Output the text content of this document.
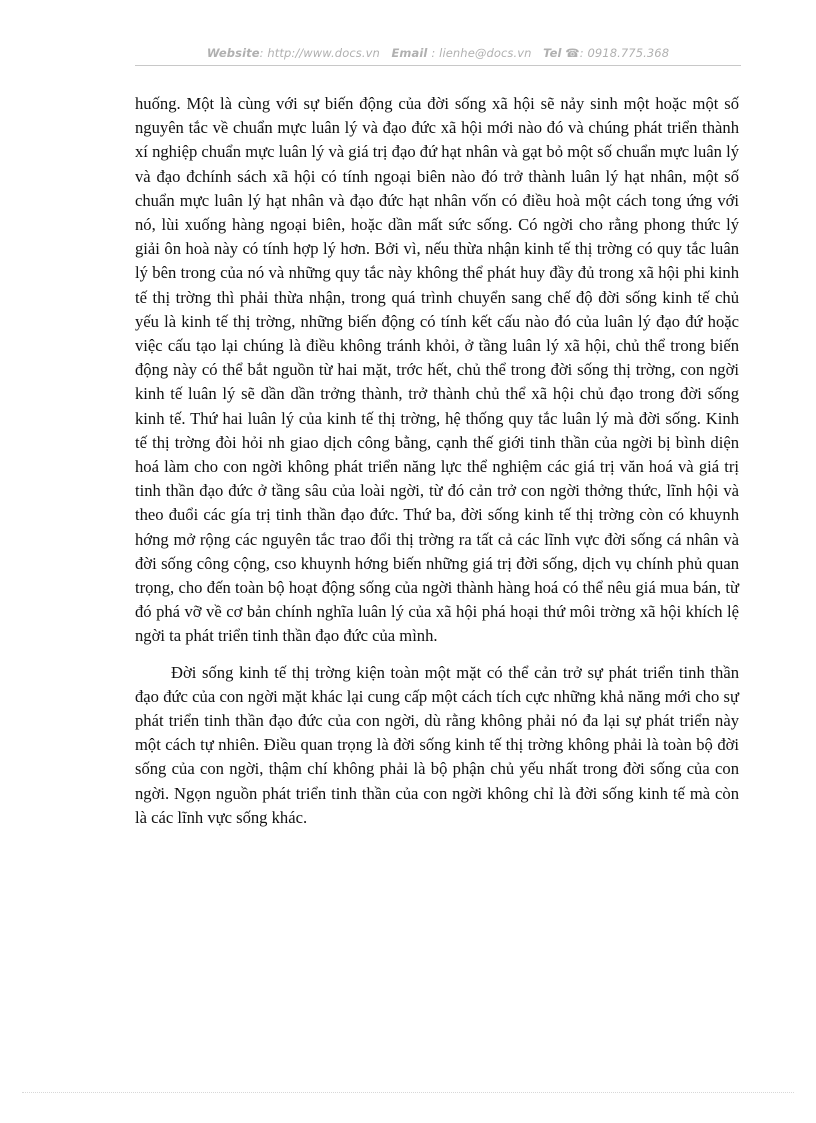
Website: http://www.docs.vn Email : lienhe@docs.vn Tel ☎: 0918.775.368

huống. Một là cùng với sự biến động của đời sống xã hội sẽ nảy sinh một hoặc một số nguyên tắc về chuẩn mực luân lý và đạo đức xã hội mới nào đó và chúng phát triển thành xí nghiệp chuẩn mực luân lý và giá trị đạo đứ hạt nhân và gạt bỏ một số chuẩn mực luân lý và đạo đchính sách xã hội có tính ngoại biên nào đó trở thành luân lý hạt nhân, một số chuẩn mực luân lý hạt nhân và đạo đức hạt nhân vốn có điều hoà một cách tong ứng với nó, lùi xuống hàng ngoại biên, hoặc dần mất sức sống. Có ngời cho rằng phong thức lý giải ôn hoà này có tính hợp lý hơn. Bởi vì, nếu thừa nhận kinh tế thị trờng có quy tắc luân lý bên trong của nó và những quy tắc này không thể phát huy đầy đủ trong xã hội phi kinh tế thị trờng thì phải thừa nhận, trong quá trình chuyển sang chế độ đời sống kinh tế chủ yếu là kinh tế thị trờng, những biến động có tính kết cấu nào đó của luân lý đạo đứ hoặc việc cấu tạo lại chúng là điều không tránh khỏi, ở tầng luân lý xã hội, chủ thể trong biến động này có thể bắt nguồn từ hai mặt, trớc hết, chủ thể trong đời sống thị trờng, con ngời kinh tế luân lý sẽ dần dần trởng thành, trở thành chủ thể xã hội chủ đạo trong đời sống kinh tế. Thứ hai luân lý của kinh tế thị trờng, hệ thống quy tắc luân lý mà đời sống. Kinh tế thị trờng đòi hỏi nh giao dịch công bằng, cạnh thế giới tinh thần của ngời bị bình diện hoá làm cho con ngời không phát triển năng lực thể nghiệm các giá trị văn hoá và giá trị tinh thần đạo đức ở tầng sâu của loài ngời, từ đó cản trở con ngời thởng thức, lĩnh hội và theo đuổi các gía trị tinh thần đạo đức. Thứ ba, đời sống kinh tế thị trờng còn có khuynh hớng mở rộng các nguyên tắc trao đổi thị trờng ra tất cả các lĩnh vực đời sống cá nhân và đời sống công cộng, cso khuynh hớng biến những giá trị đời sống, dịch vụ chính phủ quan trọng, cho đến toàn bộ hoạt động sống của ngời thành hàng hoá có thể nêu giá mua bán, từ đó phá vỡ về cơ bản chính nghĩa luân lý của xã hội phá hoại thứ môi trờng xã hội khích lệ ngời ta phát triển tinh thần đạo đức của mình.

Đời sống kinh tế thị trờng kiện toàn một mặt có thể cản trở sự phát triển tinh thần đạo đức của con ngời mặt khác lại cung cấp một cách tích cực những khả năng mới cho sự phát triển tinh thần đạo đức của con ngời, dù rằng không phải nó đa lại sự phát triển này một cách tự nhiên. Điều quan trọng là đời sống kinh tế thị trờng không phải là toàn bộ đời sống của con ngời, thậm chí không phải là bộ phận chủ yếu nhất trong đời sống của con ngời. Ngọn nguồn phát triển tinh thần của con ngời không chỉ là đời sống kinh tế mà còn là các lĩnh vực sống khác.
